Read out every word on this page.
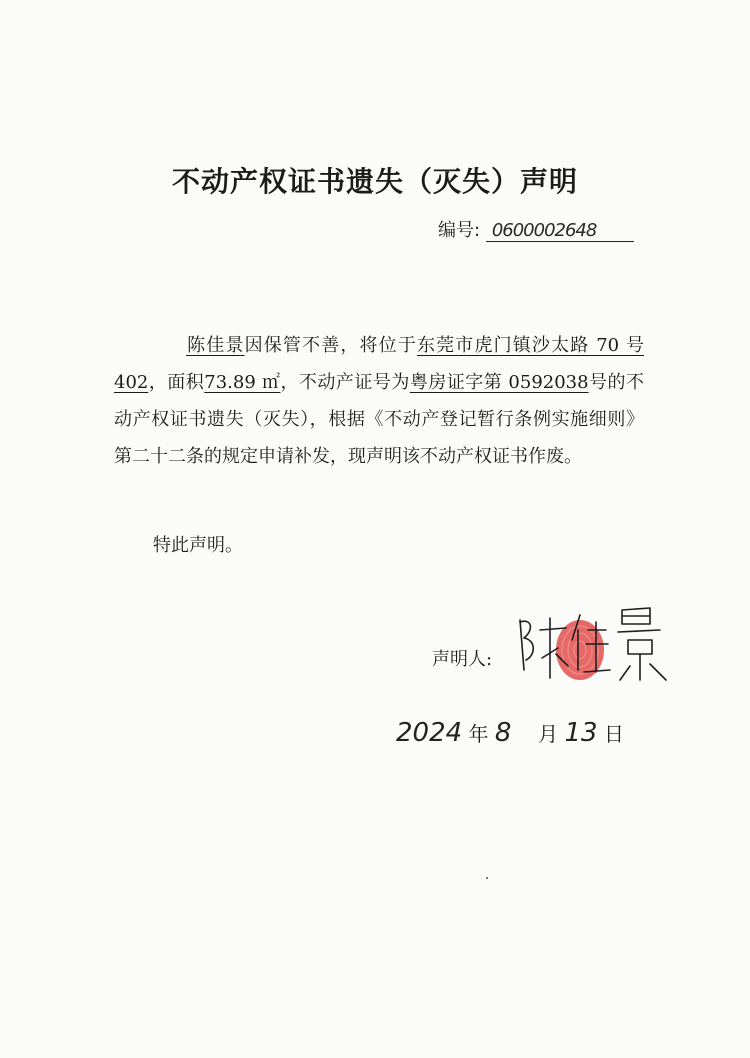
不动产权证书遗失（灭失）声明
编号: 0600002648

陈佳景因保管不善，将位于东莞市虎门镇沙太路 70 号 402，面积73.89 ㎡，不动产证号为粤房证字第 0592038号的不动产权证书遗失（灭失），根据《不动产登记暂行条例实施细则》第二十二条的规定申请补发，现声明该不动产权证书作废。

特此声明。
声明人:
2024 年 8 月 13 日
